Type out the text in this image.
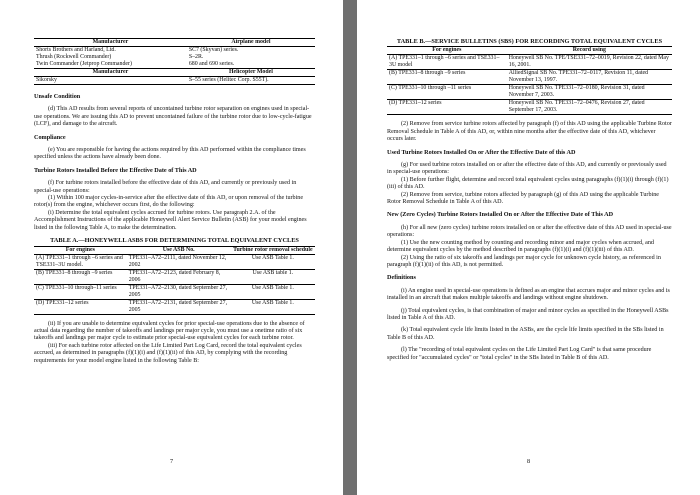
Manufacturer	Airplane model
Shorts Brothers and Harland, Ltd.	SC7 (Skyvan) series.
Thrush (Rockwell Commander)	S–2R.
Twin Commander (Jetprop Commander)	680 and 690 series.
Manufacturer	Helicopter Model
Sikorsky	S–55 series (Helitec Corp. S55T).

Unsafe Condition

(d) This AD results from several reports of uncontained turbine rotor separation on engines used in special-use operations. We are issuing this AD to prevent uncontained failure of the turbine rotor due to low-cycle-fatigue (LCF), and damage to the aircraft.

Compliance

(e) You are responsible for having the actions required by this AD performed within the compliance times specified unless the actions have already been done.

Turbine Rotors Installed Before the Effective Date of This AD

(f) For turbine rotors installed before the effective date of this AD, and currently or previously used in special-use operations:

(1) Within 100 major cycles-in-service after the effective date of this AD, or upon removal of the turbine rotor(s) from the engine, whichever occurs first, do the following:

(i) Determine the total equivalent cycles accrued for turbine rotors. Use paragraph 2.A. of the Accomplishment Instructions of the applicable Honeywell Alert Service Bulletin (ASB) for your model engines listed in the following Table A, to make the determination.

TABLE A.—HONEYWELL ASBS FOR DETERMINING TOTAL EQUIVALENT CYCLES

For engines	Use ASB No.	Turbine rotor removal schedule
(A) TPE331–1 through –6 series and TSE331–3U model.	TPE331–A72–2111, dated November 12, 2002	Use ASB Table 1.
(B) TPE331–8 through –9 series	TPE331–A72–2123, dated February 8, 2006	Use ASB table 1.
(C) TPE331–10 through–11 series	TPE331–A72–2130, dated September 27, 2005	Use ASB Table 1.
(D) TPE331–12 series	TPE331–A72–2131, dated September 27, 2005	Use ASB Table 1.

(ii) If you are unable to determine equivalent cycles for prior special-use operations due to the absence of actual data regarding the number of takeoffs and landings per major cycle, you must use a onetime ratio of six takeoffs and landings per major cycle to estimate prior special-use equivalent cycles for each turbine rotor.

(iii) For each turbine rotor affected on the Life Limited Part Log Card, record the total equivalent cycles accrued, as determined in paragraphs (f)(1)(i) and (f)(1)(ii) of this AD, by complying with the recording requirements for your model engine listed in the following Table B:

7

TABLE B.—SERVICE BULLETINS (SBS) FOR RECORDING TOTAL EQUIVALENT CYCLES

For engines	Record using
(A) TPE331–1 through –6 series and TSE331–3U model	Honeywell SB No. TPE/TSE331–72–0019, Revision 22, dated May 16, 2001.
(B) TPE331–8 through –9 series	AlliedSignal SB No. TPE331–72–0117, Revision 11, dated November 13, 1997.
(C) TPE331–10 through –11 series	Honeywell SB No. TPE331–72–0180, Revision 31, dated November 7, 2003.
(D) TPE331–12 series	Honeywell SB No. TPE331–72–0476, Revision 27, dated September 17, 2003.

(2) Remove from service turbine rotors affected by paragraph (f) of this AD using the applicable Turbine Rotor Removal Schedule in Table A of this AD, or, within nine months after the effective date of this AD, whichever occurs later.

Used Turbine Rotors Installed On or After the Effective Date of this AD

(g) For used turbine rotors installed on or after the effective date of this AD, and currently or previously used in special-use operations:

(1) Before further flight, determine and record total equivalent cycles using paragraphs (f)(1)(i) through (f)(1)(iii) of this AD.

(2) Remove from service, turbine rotors affected by paragraph (g) of this AD using the applicable Turbine Rotor Removal Schedule in Table A of this AD.

New (Zero Cycles) Turbine Rotors Installed On or After the Effective Date of This AD

(h) For all new (zero cycles) turbine rotors installed on or after the effective date of this AD used in special-use operations:

(1) Use the new counting method by counting and recording minor and major cycles when accrued, and determine equivalent cycles by the method described in paragraphs (f)(1)(i) and (f)(1)(iii) of this AD.

(2) Using the ratio of six takeoffs and landings per major cycle for unknown cycle history, as referenced in paragraph (f)(1)(ii) of this AD, is not permitted.

Definitions

(i) An engine used in special-use operations is defined as an engine that accrues major and minor cycles and is installed in an aircraft that makes multiple takeoffs and landings without engine shutdown.

(j) Total equivalent cycles, is that combination of major and minor cycles as specified in the Honeywell ASBs listed in Table A of this AD.

(k) Total equivalent cycle life limits listed in the ASBs, are the cycle life limits specified in the SBs listed in Table B of this AD.

(l) The "recording of total equivalent cycles on the Life Limited Part Log Card" is that same procedure specified for "accumulated cycles" or "total cycles" in the SBs listed in Table B of this AD.

8
